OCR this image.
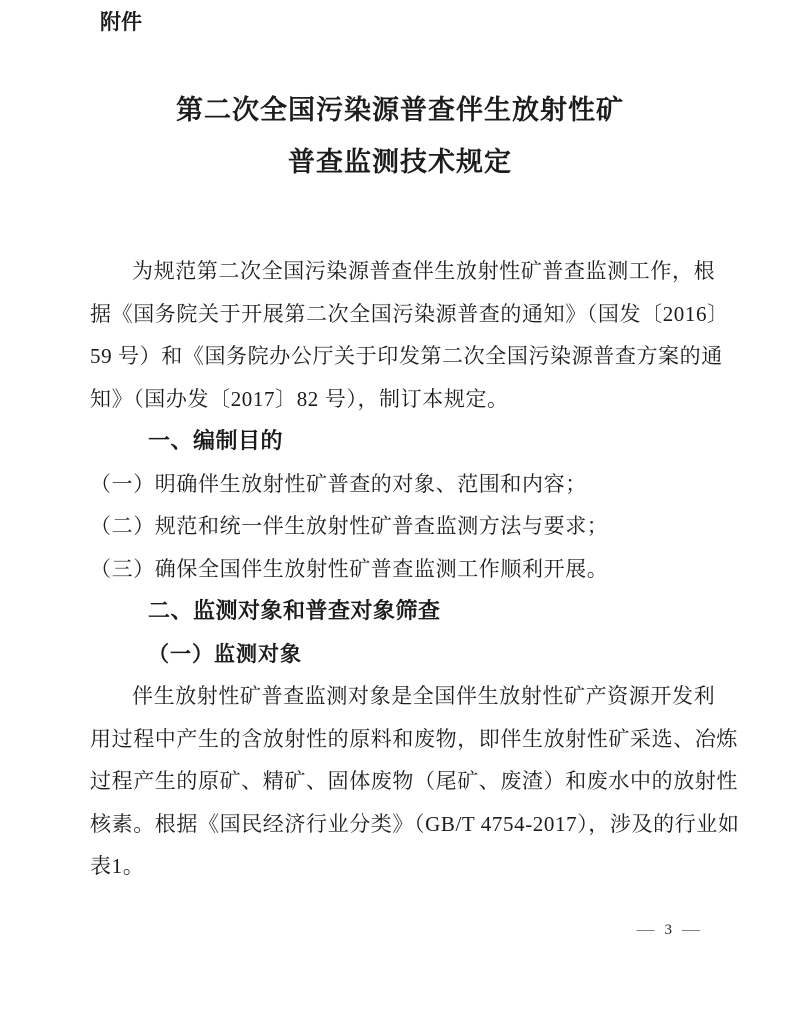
附件
第二次全国污染源普查伴生放射性矿
普查监测技术规定
为规范第二次全国污染源普查伴生放射性矿普查监测工作，根
据《国务院关于开展第二次全国污染源普查的通知》（国发〔2016〕
59 号）和《国务院办公厅关于印发第二次全国污染源普查方案的通
知》（国办发〔2017〕82 号），制订本规定。
一、编制目的
（一）明确伴生放射性矿普查的对象、范围和内容；
（二）规范和统一伴生放射性矿普查监测方法与要求；
（三）确保全国伴生放射性矿普查监测工作顺利开展。
二、监测对象和普查对象筛查
（一）监测对象
伴生放射性矿普查监测对象是全国伴生放射性矿产资源开发利
用过程中产生的含放射性的原料和废物，即伴生放射性矿采选、冶炼
过程产生的原矿、精矿、固体废物（尾矿、废渣）和废水中的放射性
核素。根据《国民经济行业分类》（GB/T 4754-2017），涉及的行业如
表1。
— 3 —
